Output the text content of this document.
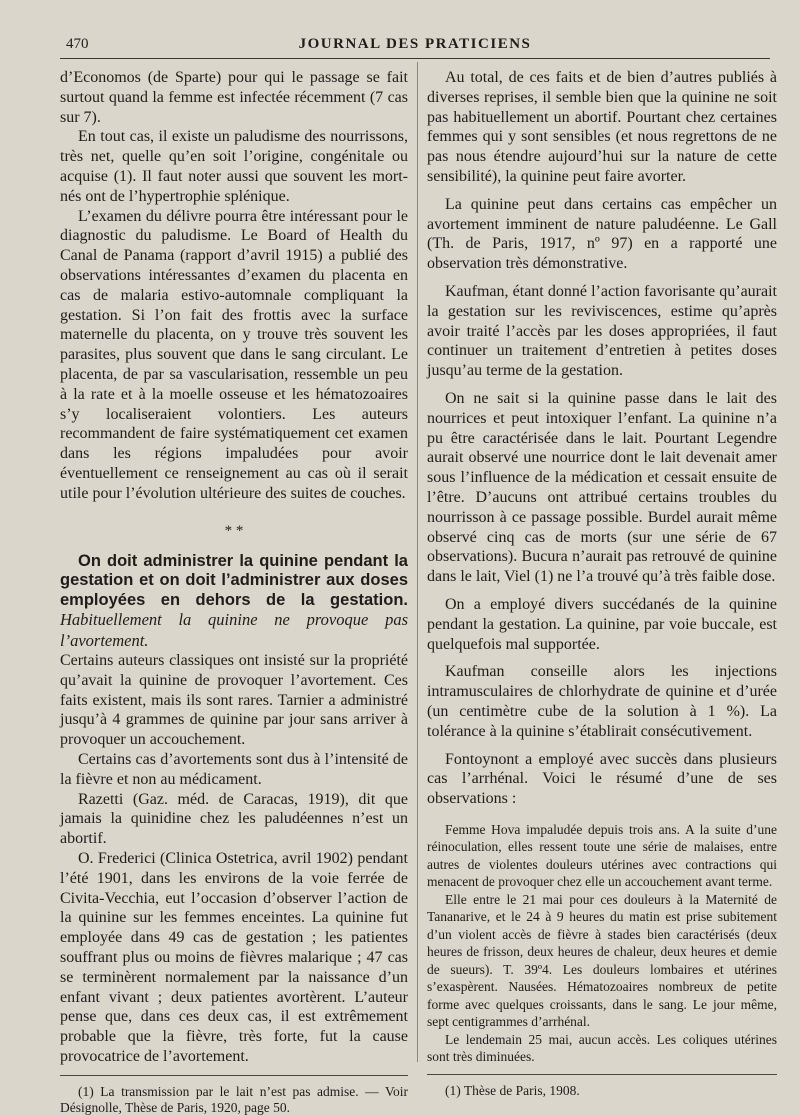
470	JOURNAL DES PRATICIENS

d’Economos (de Sparte) pour qui le passage se fait surtout quand la femme est infectée récemment (7 cas sur 7).

En tout cas, il existe un paludisme des nourrissons, très net, quelle qu’en soit l’origine, congénitale ou acquise (1). Il faut noter aussi que souvent les mort-nés ont de l’hypertrophie splénique.

L’examen du délivre pourra être intéressant pour le diagnostic du paludisme. Le Board of Health du Canal de Panama (rapport d’avril 1915) a publié des observations intéressantes d’examen du placenta en cas de malaria estivo-automnale compliquant la gestation. Si l’on fait des frottis avec la surface maternelle du placenta, on y trouve très souvent les parasites, plus souvent que dans le sang circulant. Le placenta, de par sa vascularisation, ressemble un peu à la rate et à la moelle osseuse et les hématozoaires s’y localiseraient volontiers. Les auteurs recommandent de faire systématiquement cet examen dans les régions impaludées pour avoir éventuellement ce renseignement au cas où il serait utile pour l’évolution ultérieure des suites de couches.

* *

On doit administrer la quinine pendant la gestation et on doit l’administrer aux doses employées en dehors de la gestation. Habituellement la quinine ne provoque pas l’avortement.

Certains auteurs classiques ont insisté sur la propriété qu’avait la quinine de provoquer l’avortement. Ces faits existent, mais ils sont rares. Tarnier a administré jusqu’à 4 grammes de quinine par jour sans arriver à provoquer un accouchement.

Certains cas d’avortements sont dus à l’intensité de la fièvre et non au médicament.

Razetti (Gaz. méd. de Caracas, 1919), dit que jamais la quinidine chez les paludéennes n’est un abortif.

O. Frederici (Clinica Ostetrica, avril 1902) pendant l’été 1901, dans les environs de la voie ferrée de Civita-Vecchia, eut l’occasion d’observer l’action de la quinine sur les femmes enceintes. La quinine fut employée dans 49 cas de gestation ; les patientes souffrant plus ou moins de fièvres malarique ; 47 cas se terminèrent normalement par la naissance d’un enfant vivant ; deux patientes avortèrent. L’auteur pense que, dans ces deux cas, il est extrêmement probable que la fièvre, très forte, fut la cause provocatrice de l’avortement.

(1) La transmission par le lait n’est pas admise. — Voir Désignolle, Thèse de Paris, 1920, page 50.

Au total, de ces faits et de bien d’autres publiés à diverses reprises, il semble bien que la quinine ne soit pas habituellement un abortif. Pourtant chez certaines femmes qui y sont sensibles (et nous regrettons de ne pas nous étendre aujourd’hui sur la nature de cette sensibilité), la quinine peut faire avorter.

La quinine peut dans certains cas empêcher un avortement imminent de nature paludéenne. Le Gall (Th. de Paris, 1917, nº 97) en a rapporté une observation très démonstrative.

Kaufman, étant donné l’action favorisante qu’aurait la gestation sur les reviviscences, estime qu’après avoir traité l’accès par les doses appropriées, il faut continuer un traitement d’entretien à petites doses jusqu’au terme de la gestation.

On ne sait si la quinine passe dans le lait des nourrices et peut intoxiquer l’enfant. La quinine n’a pu être caractérisée dans le lait. Pourtant Legendre aurait observé une nourrice dont le lait devenait amer sous l’influence de la médication et cessait ensuite de l’être. D’aucuns ont attribué certains troubles du nourrisson à ce passage possible. Burdel aurait même observé cinq cas de morts (sur une série de 67 observations). Bucura n’aurait pas retrouvé de quinine dans le lait, Viel (1) ne l’a trouvé qu’à très faible dose.

On a employé divers succédanés de la quinine pendant la gestation. La quinine, par voie buccale, est quelquefois mal supportée.

Kaufman conseille alors les injections intramusculaires de chlorhydrate de quinine et d’urée (un centimètre cube de la solution à 1 %). La tolérance à la quinine s’établirait consécutivement.

Fontoynont a employé avec succès dans plusieurs cas l’arrhénal. Voici le résumé d’une de ses observations :

Femme Hova impaludée depuis trois ans. A la suite d’une réinoculation, elles ressent toute une série de malaises, entre autres de violentes douleurs utérines avec contractions qui menacent de provoquer chez elle un accouchement avant terme.

Elle entre le 21 mai pour ces douleurs à la Maternité de Tananarive, et le 24 à 9 heures du matin est prise subitement d’un violent accès de fièvre à stades bien caractérisés (deux heures de frisson, deux heures de chaleur, deux heures et demie de sueurs). T. 39º4. Les douleurs lombaires et utérines s’exaspèrent. Nausées. Hématozoaires nombreux de petite forme avec quelques croissants, dans le sang. Le jour même, sept centigrammes d’arrhénal.

Le lendemain 25 mai, aucun accès. Les coliques utérines sont très diminuées.

(1) Thèse de Paris, 1908.
